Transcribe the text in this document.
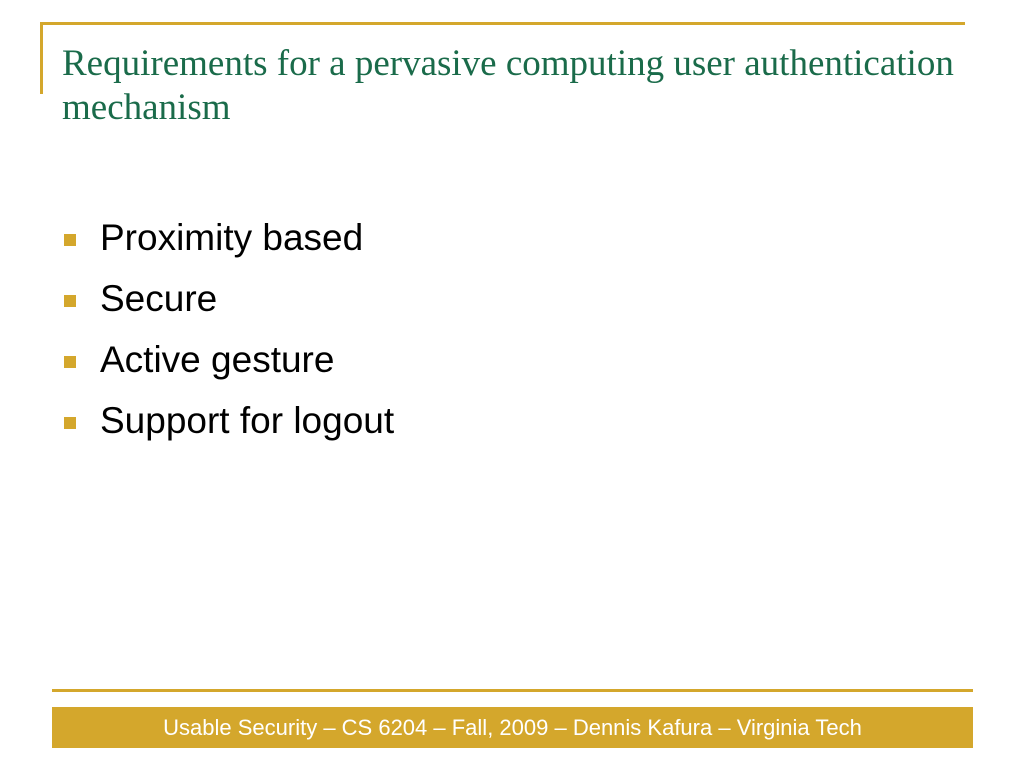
Requirements for a pervasive computing user authentication mechanism
Proximity based
Secure
Active gesture
Support for logout
Usable Security – CS 6204 – Fall, 2009 – Dennis Kafura – Virginia Tech
